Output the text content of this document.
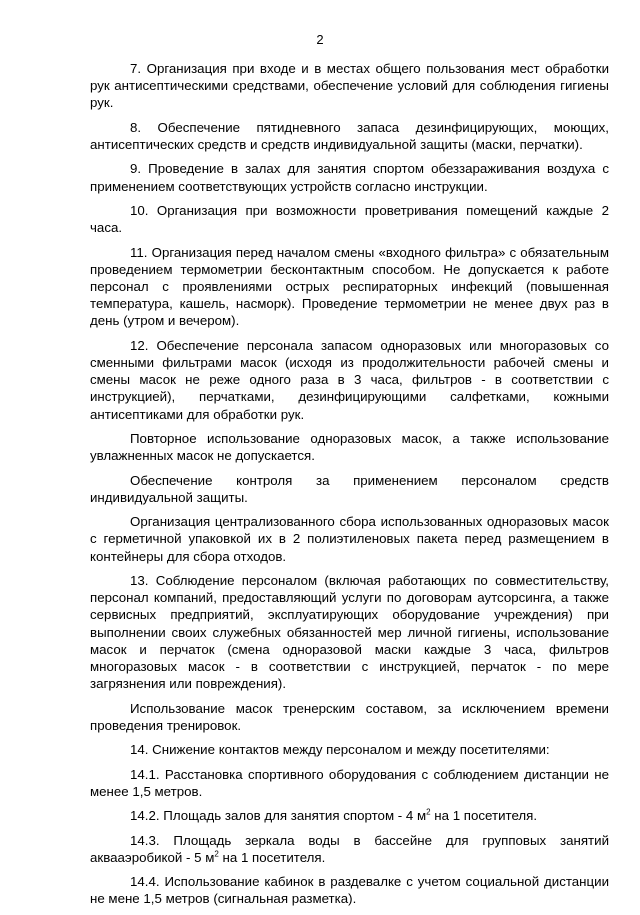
2

7. Организация при входе и в местах общего пользования мест обработки рук антисептическими средствами, обеспечение условий для соблюдения гигиены рук.

8. Обеспечение пятидневного запаса дезинфицирующих, моющих, антисептических средств и средств индивидуальной защиты (маски, перчатки).

9. Проведение в залах для занятия спортом обеззараживания воздуха с применением соответствующих устройств согласно инструкции.

10. Организация при возможности проветривания помещений каждые 2 часа.

11. Организация перед началом смены «входного фильтра» с обязательным проведением термометрии бесконтактным способом. Не допускается к работе персонал с проявлениями острых респираторных инфекций (повышенная температура, кашель, насморк). Проведение термометрии не менее двух раз в день (утром и вечером).

12. Обеспечение персонала запасом одноразовых или многоразовых со сменными фильтрами масок (исходя из продолжительности рабочей смены и смены масок не реже одного раза в 3 часа, фильтров - в соответствии с инструкцией), перчатками, дезинфицирующими салфетками, кожными антисептиками для обработки рук.

Повторное использование одноразовых масок, а также использование увлажненных масок не допускается.

Обеспечение контроля за применением персоналом средств индивидуальной защиты.

Организация централизованного сбора использованных одноразовых масок с герметичной упаковкой их в 2 полиэтиленовых пакета перед размещением в контейнеры для сбора отходов.

13. Соблюдение персоналом (включая работающих по совместительству, персонал компаний, предоставляющий услуги по договорам аутсорсинга, а также сервисных предприятий, эксплуатирующих оборудование учреждения) при выполнении своих служебных обязанностей мер личной гигиены, использование масок и перчаток (смена одноразовой маски каждые 3 часа, фильтров многоразовых масок - в соответствии с инструкцией, перчаток - по мере загрязнения или повреждения).

Использование масок тренерским составом, за исключением времени проведения тренировок.

14. Снижение контактов между персоналом и между посетителями:

14.1. Расстановка спортивного оборудования с соблюдением дистанции не менее 1,5 метров.

14.2. Площадь залов для занятия спортом - 4 $м^2$ на 1 посетителя.

14.3. Площадь зеркала воды в бассейне для групповых занятий аквааэробикой - 5 $м^2$ на 1 посетителя.

14.4. Использование кабинок в раздевалке с учетом социальной дистанции не мене 1,5 метров (сигнальная разметка).
